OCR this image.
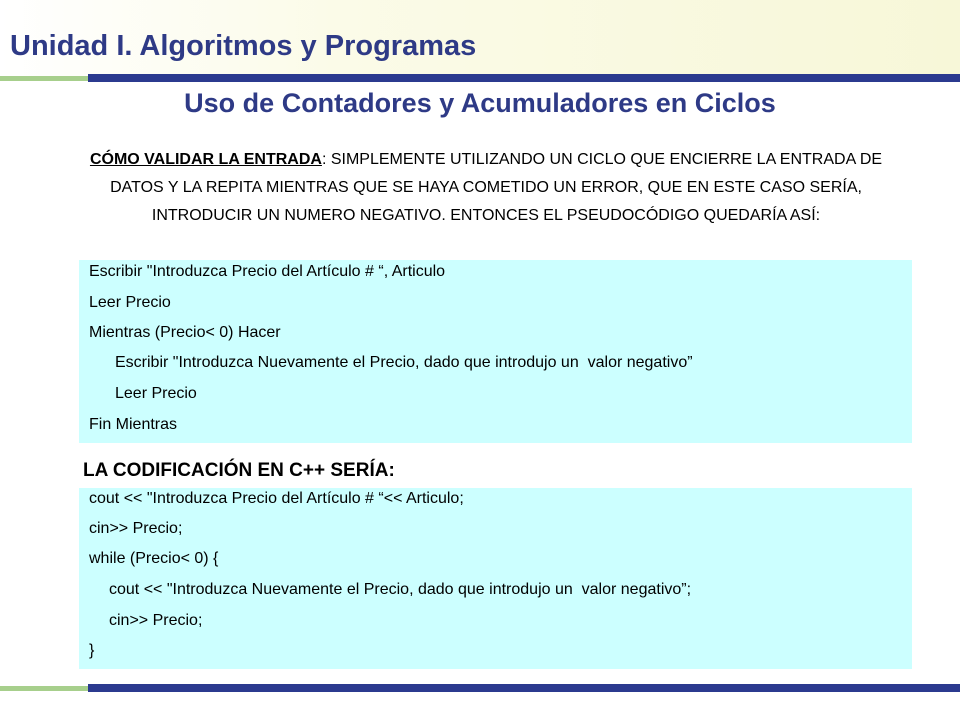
Unidad I. Algoritmos y Programas
Uso de Contadores y Acumuladores en Ciclos
CÓMO VALIDAR LA ENTRADA: SIMPLEMENTE UTILIZANDO UN CICLO QUE ENCIERRE LA ENTRADA DE DATOS Y LA REPITA MIENTRAS QUE SE HAYA COMETIDO UN ERROR, QUE EN ESTE CASO SERÍA, INTRODUCIR UN NUMERO NEGATIVO. ENTONCES EL PSEUDOCÓDIGO QUEDARÍA ASÍ:
Escribir "Introduzca Precio del Artículo # “, Articulo
Leer Precio
Mientras (Precio< 0) Hacer
Escribir "Introduzca Nuevamente el Precio, dado que introdujo un  valor negativo”
Leer Precio
Fin Mientras
LA CODIFICACIÓN EN C++ SERÍA:
cout << "Introduzca Precio del Artículo # “<< Articulo;
cin>> Precio;
while (Precio< 0) {
cout << "Introduzca Nuevamente el Precio, dado que introdujo un  valor negativo”;
cin>> Precio;
}
